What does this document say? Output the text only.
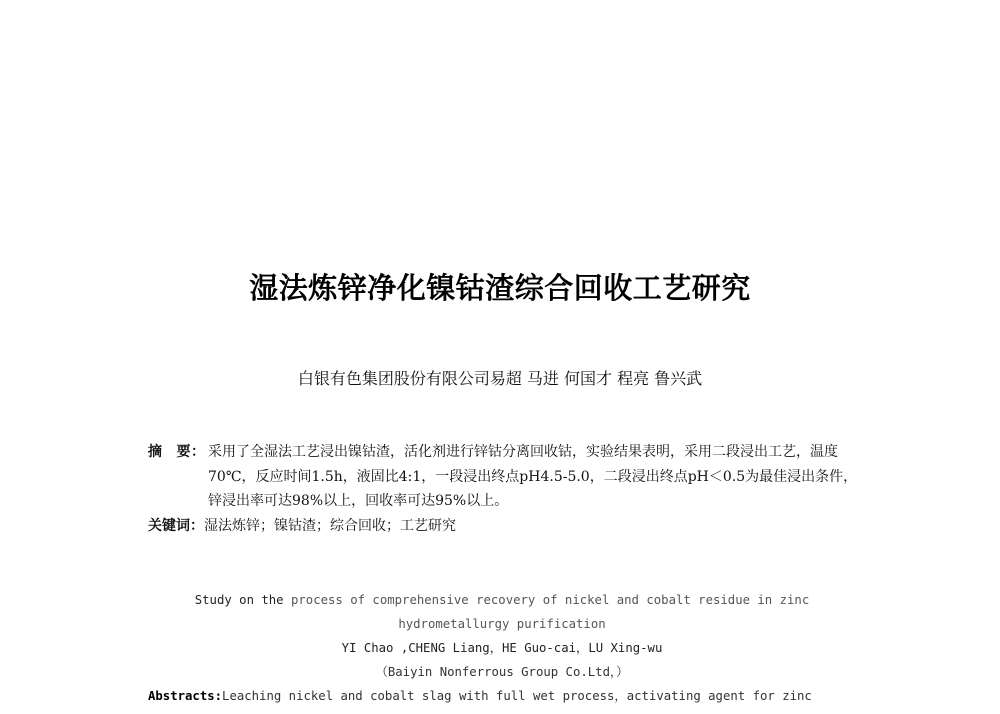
湿法炼锌净化镍钴渣综合回收工艺研究
白银有色集团股份有限公司易超 马进 何国才 程亮 鲁兴武
摘 要： 采用了全湿法工艺浸出镍钴渣，活化剂进行锌钴分离回收钴，实验结果表明，采用二段浸出工艺，温度70℃，反应时间1.5h，液固比4:1，一段浸出终点pH4.5-5.0，二段浸出终点pH＜0.5为最佳浸出条件，锌浸出率可达98%以上，回收率可达95%以上。
关键词： 湿法炼锌；镍钴渣；综合回收；工艺研究
Study on the process of comprehensive recovery of nickel and cobalt residue in zinc hydrometallurgy purification
YI Chao ,CHENG Liang，HE Guo-cai，LU Xing-wu
（Baiyin Nonferrous Group Co.Ltd，）
Abstracts:Leaching nickel and cobalt slag with full wet process，activating agent for zinc
